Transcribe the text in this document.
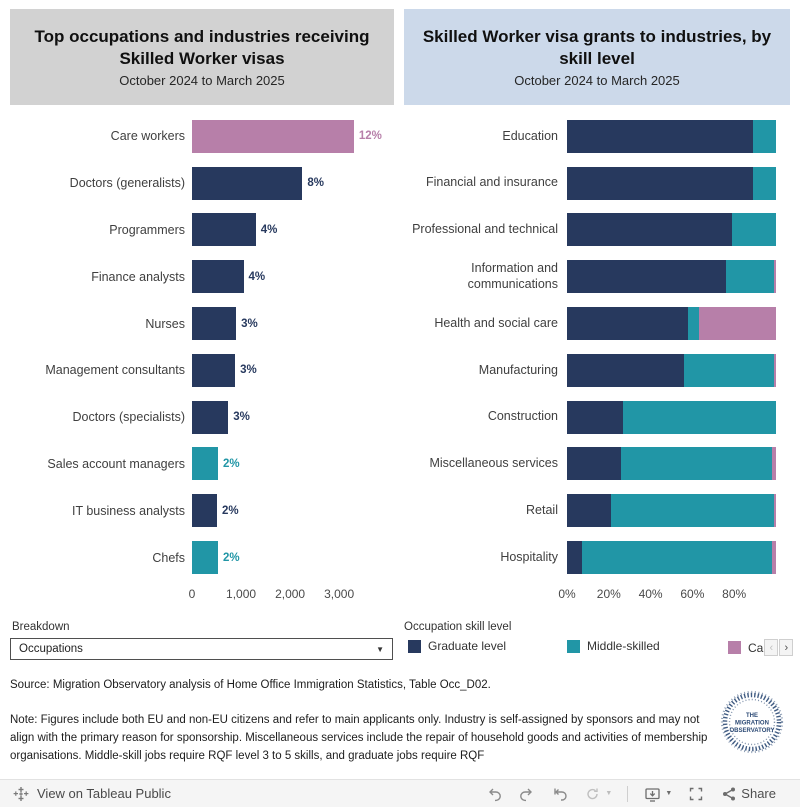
Top occupations and industries receiving Skilled Worker visas
October 2024 to March 2025
Skilled Worker visa grants to industries, by skill level
October 2024 to March 2025
Care workers	12%
Doctors (generalists)	8%
Programmers	4%
Finance analysts	4%
Nurses	3%
Management consultants	3%
Doctors (specialists)	3%
Sales account managers	2%
IT business analysts	2%
Chefs	2%
0	1,000 2,000 3,000
Education
Financial and insurance
Professional and technical
Information and communications
Health and social care
Manufacturing
Construction
Miscellaneous services
Retail
Hospitality
0% 20% 40% 60% 80%
Breakdown
Occupations	▼
Occupation skill level
Graduate level	Middle-skilled	Ca ‹	›
Source: Migration Observatory analysis of Home Office Immigration Statistics, Table Occ_D02.
Note: Figures include both EU and non-EU citizens and refer to main applicants only. Industry is self-assigned by sponsors and may not align with the primary reason for sponsorship. Miscellaneous services include the repair of household goods and activities of membership organisations. Middle-skill jobs require RQF level 3 to 5 skills, and graduate jobs require RQF
THE
MIGRATION
OBSERVATORY
View on Tableau Public	▼	▼	Share
